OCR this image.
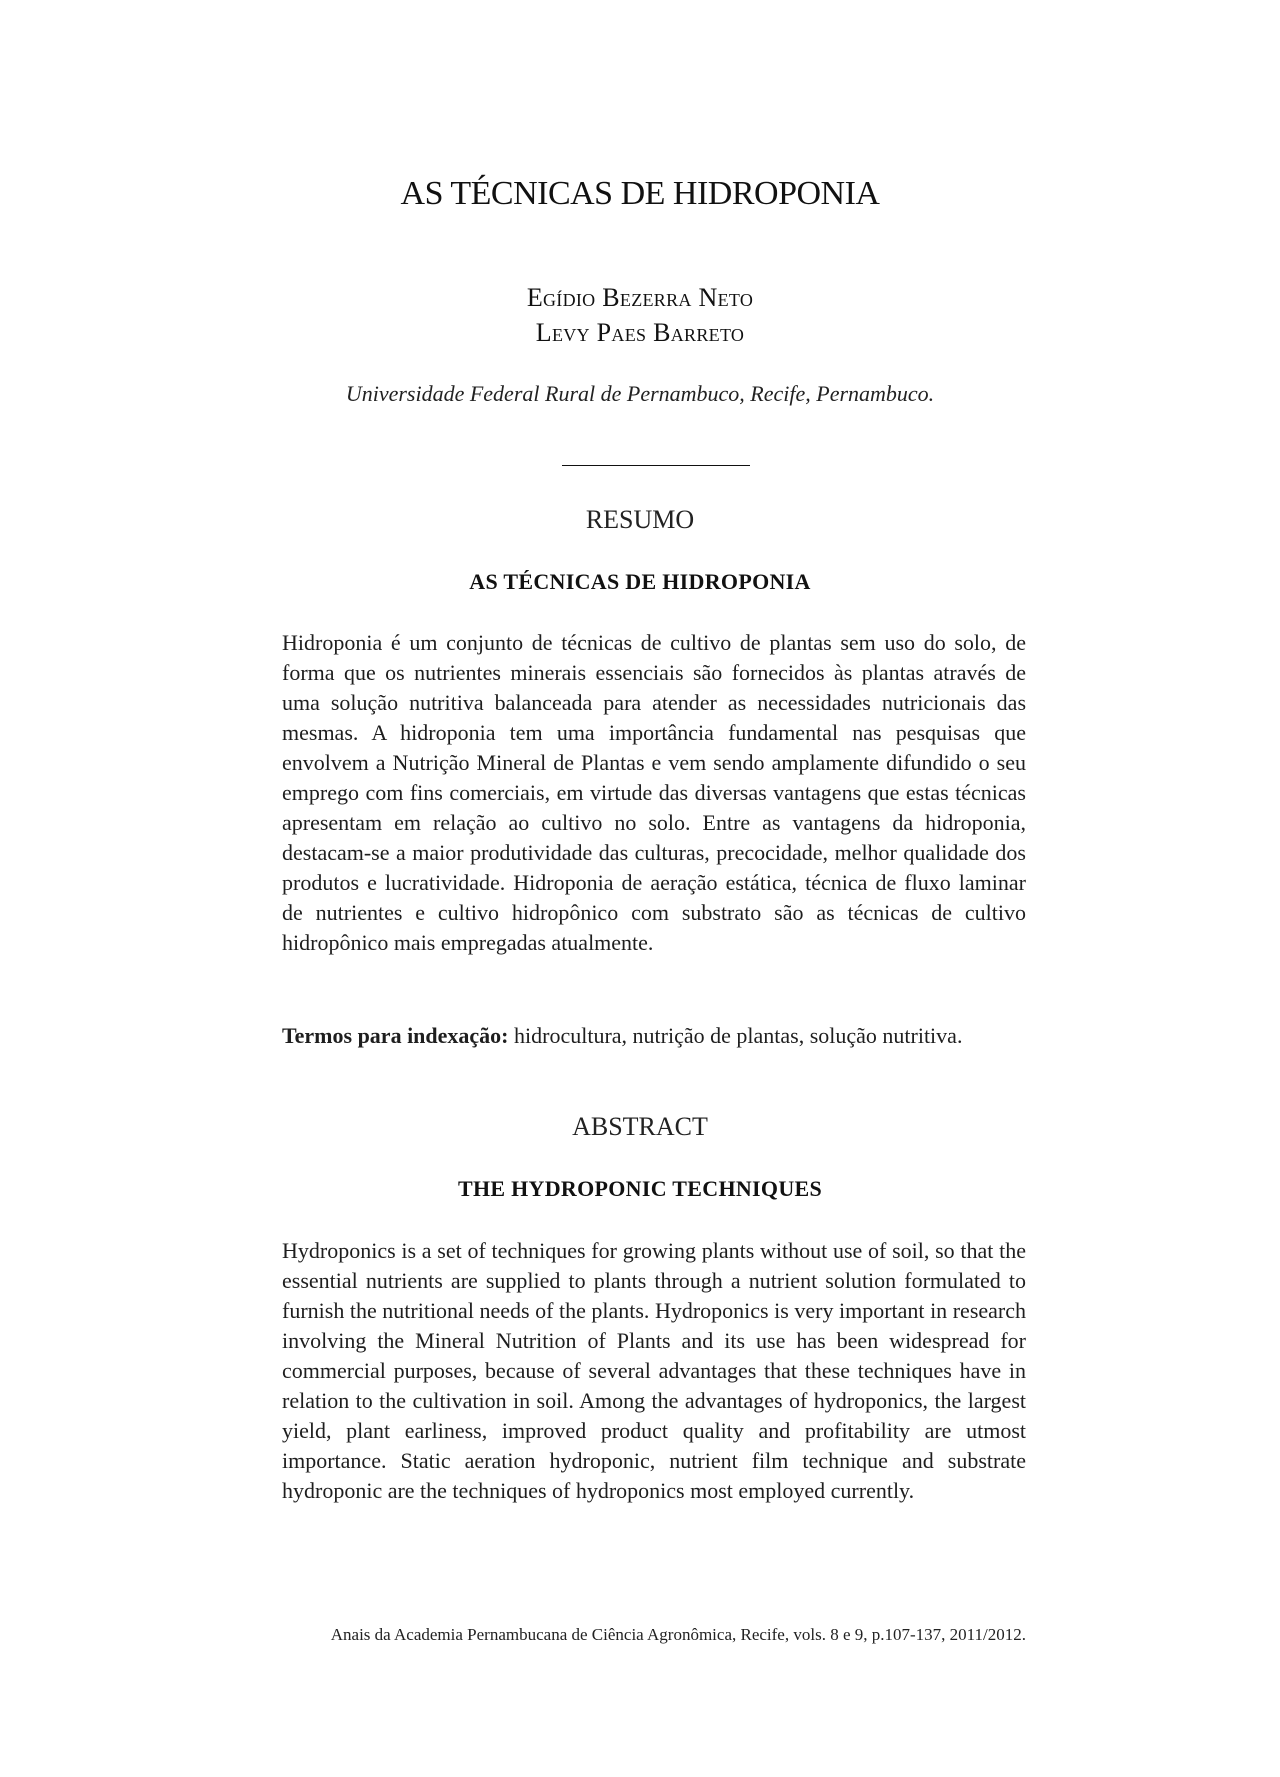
AS TÉCNICAS DE HIDROPONIA
Egídio Bezerra Neto
Levy Paes Barreto
Universidade Federal Rural de Pernambuco, Recife, Pernambuco.
RESUMO
AS TÉCNICAS DE HIDROPONIA

Hidroponia é um conjunto de técnicas de cultivo de plantas sem uso do solo, de forma que os nutrientes minerais essenciais são fornecidos às plantas através de uma solução nutritiva balanceada para atender as necessidades nutricionais das mesmas. A hidroponia tem uma importância fundamental nas pesquisas que envolvem a Nutrição Mineral de Plantas e vem sendo amplamente difundido o seu emprego com fins comerciais, em virtude das diversas vantagens que estas técnicas apresentam em relação ao cultivo no solo. Entre as vantagens da hidroponia, destacam-se a maior produtividade das culturas, precocidade, melhor qualidade dos produtos e lucratividade. Hidroponia de aeração estática, técnica de fluxo laminar de nutrientes e cultivo hidropônico com substrato são as técnicas de cultivo hidropônico mais empregadas atualmente.

Termos para indexação: hidrocultura, nutrição de plantas, solução nutritiva.

ABSTRACT
THE HYDROPONIC TECHNIQUES

Hydroponics is a set of techniques for growing plants without use of soil, so that the essential nutrients are supplied to plants through a nutrient solution formulated to furnish the nutritional needs of the plants. Hydroponics is very important in research involving the Mineral Nutrition of Plants and its use has been widespread for commercial purposes, because of several advantages that these techniques have in relation to the cultivation in soil. Among the advantages of hydroponics, the largest yield, plant earliness, improved product quality and profitability are utmost importance. Static aeration hydroponic, nutrient film technique and substrate hydroponic are the techniques of hydroponics most employed currently.

Anais da Academia Pernambucana de Ciência Agronômica, Recife, vols. 8 e 9, p.107-137, 2011/2012.
